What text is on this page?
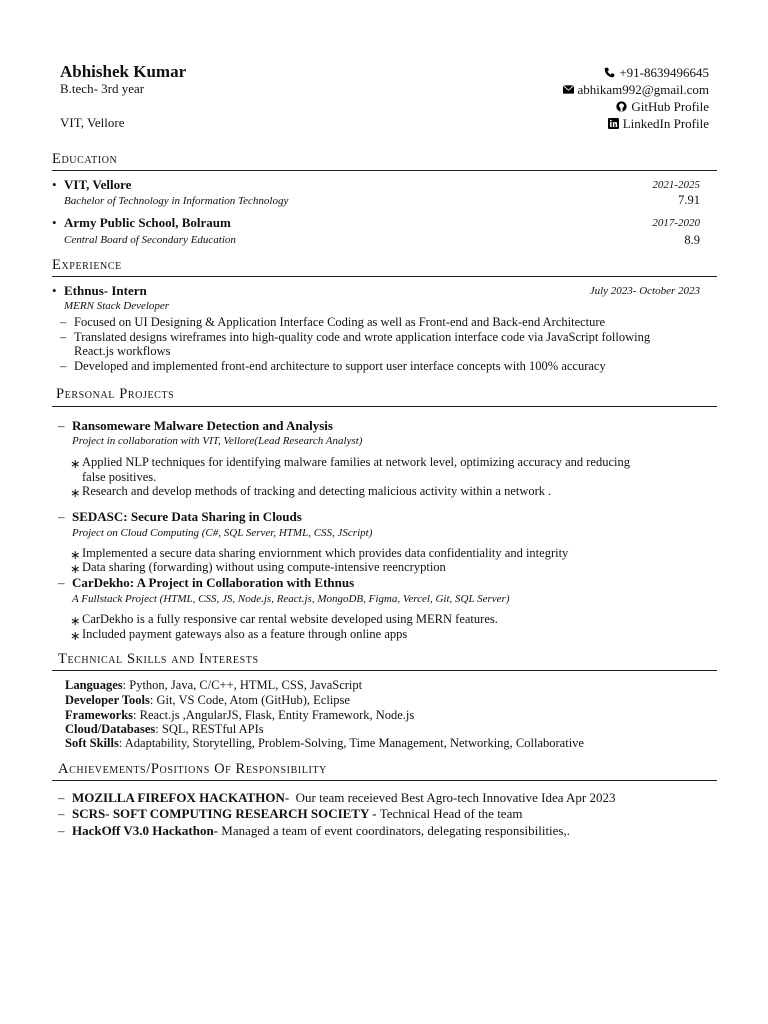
Abhishek Kumar
B.tech- 3rd year
VIT, Vellore
+91-8639496645
abhikam992@gmail.com
GitHub Profile
LinkedIn Profile
Education
• VIT, Vellore	2021-2025
Bachelor of Technology in Information Technology	7.91
• Army Public School, Bolraum	2017-2020
Central Board of Secondary Education	8.9
Experience
• Ethnus- Intern	July 2023- October 2023
MERN Stack Developer
– Focused on UI Designing & Application Interface Coding as well as Front-end and Back-end Architecture
– Translated designs wireframes into high-quality code and wrote application interface code via JavaScript following
React.js workflows
– Developed and implemented front-end architecture to support user interface concepts with 100% accuracy
Personal Projects
– Ransomeware Malware Detection and Analysis
Project in collaboration with VIT, Vellore(Lead Research Analyst)
∗ Applied NLP techniques for identifying malware families at network level, optimizing accuracy and reducing
false positives.
∗ Research and develop methods of tracking and detecting malicious activity within a network .
– SEDASC: Secure Data Sharing in Clouds
Project on Cloud Computing (C#, SQL Server, HTML, CSS, JScript)
∗ Implemented a secure data sharing enviornment which provides data confidentiality and integrity
∗ Data sharing (forwarding) without using compute-intensive reencryption
– CarDekho: A Project in Collaboration with Ethnus
A Fullstack Project (HTML, CSS, JS, Node.js, React.js, MongoDB, Figma, Vercel, Git, SQL Server)
∗ CarDekho is a fully responsive car rental website developed using MERN features.
∗ Included payment gateways also as a feature through online apps
Technical Skills and Interests
Languages: Python, Java, C/C++, HTML, CSS, JavaScript
Developer Tools: Git, VS Code, Atom (GitHub), Eclipse
Frameworks: React.js ,AngularJS, Flask, Entity Framework, Node.js
Cloud/Databases: SQL, RESTful APIs
Soft Skills: Adaptability, Storytelling, Problem-Solving, Time Management, Networking, Collaborative
Achievements/Positions Of Responsibility
– MOZILLA FIREFOX HACKATHON- Our team receieved Best Agro-tech Innovative Idea Apr 2023
– SCRS- SOFT COMPUTING RESEARCH SOCIETY - Technical Head of the team
– HackOff V3.0 Hackathon- Managed a team of event coordinators, delegating responsibilities,.
